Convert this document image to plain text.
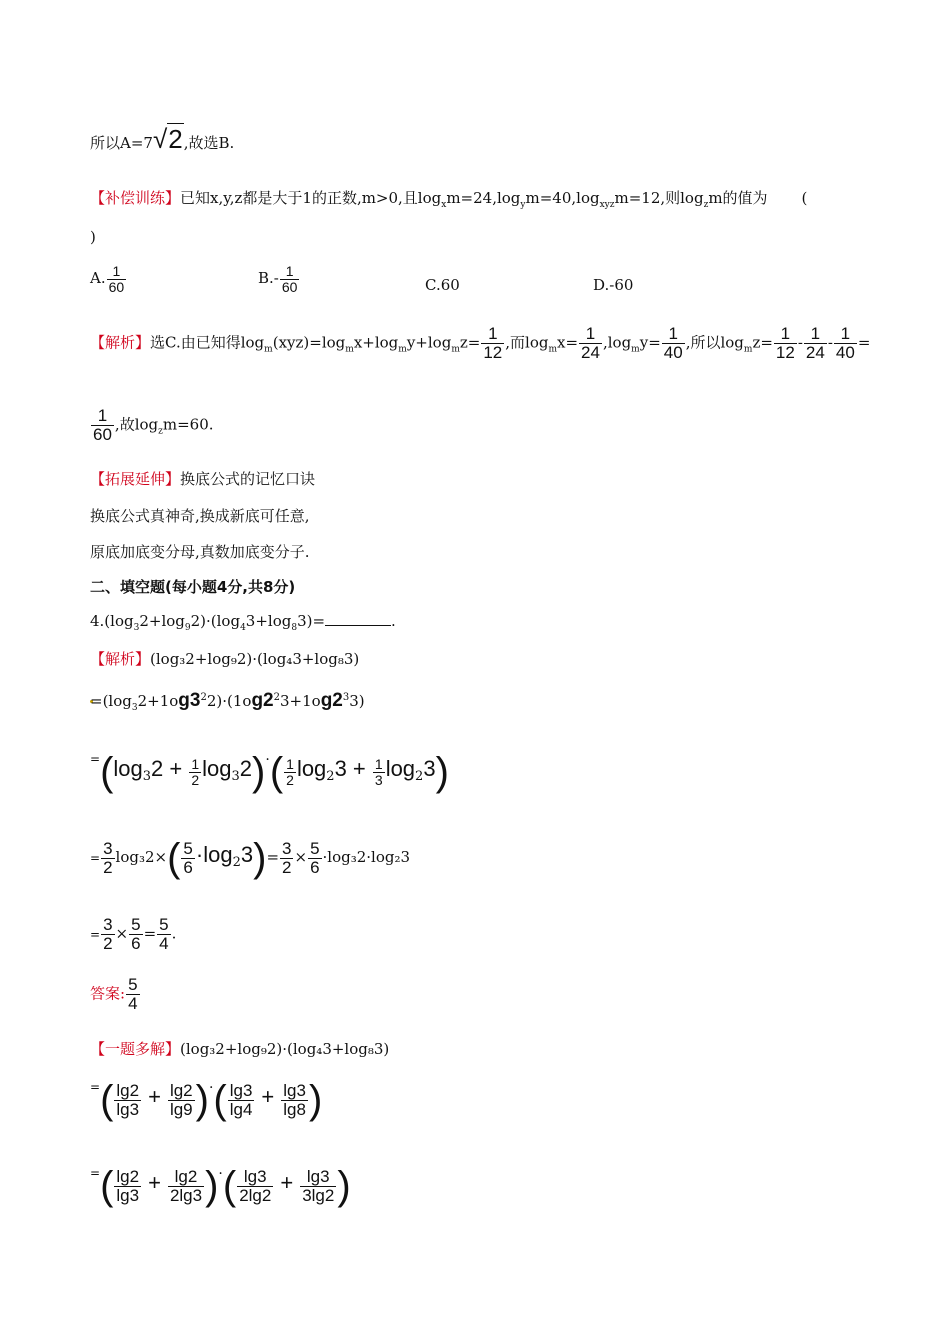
所以A=7√2,故选B.
【补偿训练】已知x,y,z都是大于1的正数,m>0,且$\log_xm=24,\log_ym=40,\log_{xyz}m=12$,则$\log_zm$的值为 (
)
A. $\frac{1}{60}$	$B.- \frac{1}{60}$	C.60	D.-60
【解析】选C.由已知得$\log_m(xyz)=\log_mx+\log_my+\log_mz= \frac{1}{12}$ ,而$\log_mx= \frac{1}{24} ,\log_my= \frac{1}{40}$ ,所以$\log_mz= \frac{1}{12} - \frac{1}{24} - \frac{1}{40}$ =
$\frac{1}{60}$ ,故$\log_zm=60$.
【拓展延伸】换底公式的记忆口诀
换底公式真神奇,换成新底可任意,
原底加底变分母,真数加底变分子.
二、填空题(每小题4分,共8分)
$4.(\log_32+\log_92)\cdot(\log_43+\log_83)=$	.
【解析】(log₃2+log₉2)·(log₄3+log₈3)
$=(\log_32+1og3^22)\cdot(1og2^23+1og2^33)$
$^=(\log_32 + \frac{1}{2} \log_32)\cdot( \frac{1}{2} \log_23 + \frac{1}{3} \log_23)$
= $\frac{3}{2} \log_32\times( \frac{5}{6} \cdot\log_23)= \frac{3}{2} \times \frac{5}{6} \cdot\log_32\cdot\log_23$
= $\frac{3}{2} \times \frac{5}{6} = \frac{5}{4}$ .
答案: $\frac{5}{4}$
【一题多解】(log₃2+log₉2)·(log₄3+log₈3)
$^=( \frac{\lg 2}{\lg 3} + \frac{\lg 2}{\lg 9}$ )·( $\frac{\lg 3}{\lg 4} + \frac{\lg 3}{\lg 8}$ )
$^=( \frac{\lg 2}{\lg 3} + \frac{\lg 2}{2\lg 3}$ )·( $\frac{\lg 3}{2\lg 2} + \frac{\lg 3}{3\lg 2}$ )
